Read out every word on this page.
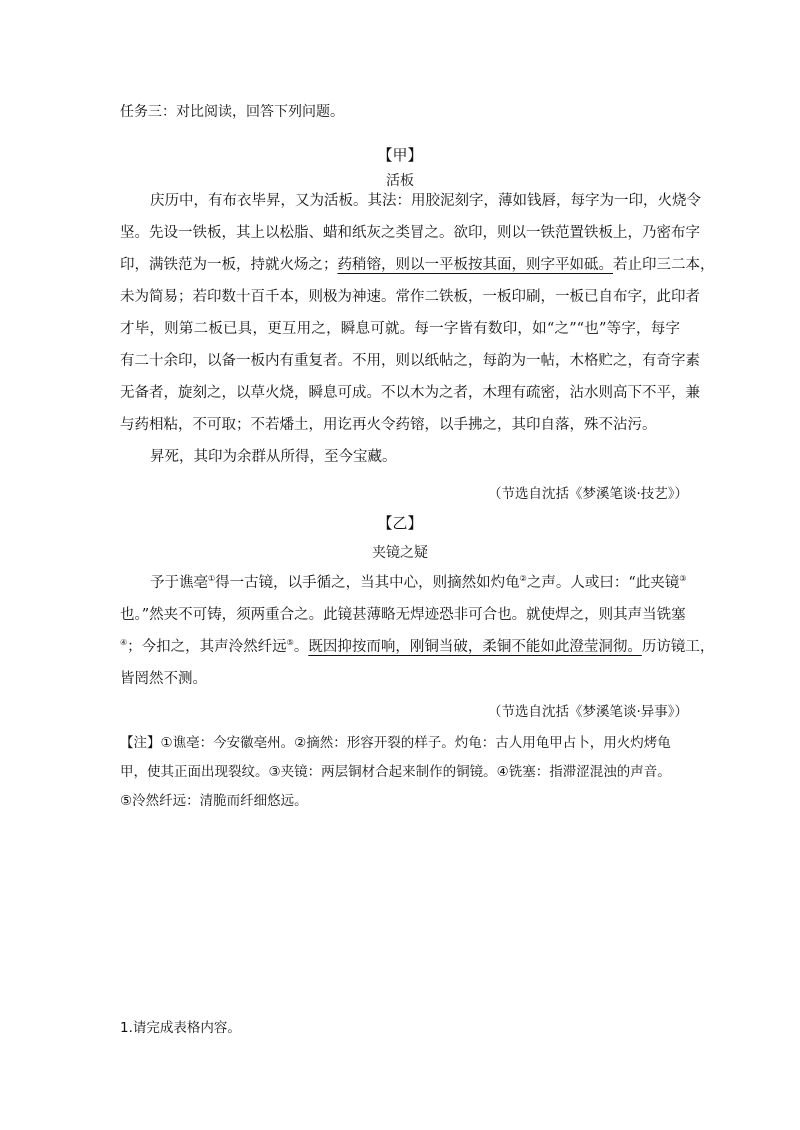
任务三：对比阅读，回答下列问题。
【甲】
活板
庆历中，有布衣毕昇，又为活板。其法：用胶泥刻字，薄如钱唇，每字为一印，火烧令
坚。先设一铁板，其上以松脂、蜡和纸灰之类冒之。欲印，则以一铁范置铁板上，乃密布字
印，满铁范为一板，持就火炀之；药稍镕，则以一平板按其面，则字平如砥。若止印三二本，
未为简易；若印数十百千本，则极为神速。常作二铁板，一板印刷，一板已自布字，此印者
才毕，则第二板已具，更互用之，瞬息可就。每一字皆有数印，如“之”“也”等字，每字
有二十余印，以备一板内有重复者。不用，则以纸帖之，每韵为一帖，木格贮之，有奇字素
无备者，旋刻之，以草火烧，瞬息可成。不以木为之者，木理有疏密，沾水则高下不平，兼
与药相粘，不可取；不若燔土，用讫再火令药镕，以手拂之，其印自落，殊不沾污。
昇死，其印为余群从所得，至今宝藏。
（节选自沈括《梦溪笔谈·技艺》）
【乙】
夹镜之疑
予于谯亳①得一古镜，以手循之，当其中心，则摘然如灼龟②之声。人或曰：“此夹镜③
也。”然夹不可铸，须两重合之。此镜甚薄略无焊迹恐非可合也。就使焊之，则其声当铣塞
④；今扣之，其声泠然纤远⑤。既因抑按而响，刚铜当破，柔铜不能如此澄莹洞彻。历访镜工，
皆罔然不测。
（节选自沈括《梦溪笔谈·异事》）
【注】①谯亳：今安徽亳州。②摘然：形容开裂的样子。灼龟：古人用龟甲占卜，用火灼烤龟
甲，使其正面出现裂纹。③夹镜：两层铜材合起来制作的铜镜。④铣塞：指滞涩混浊的声音。
⑤泠然纤远：清脆而纤细悠远。
1.请完成表格内容。
